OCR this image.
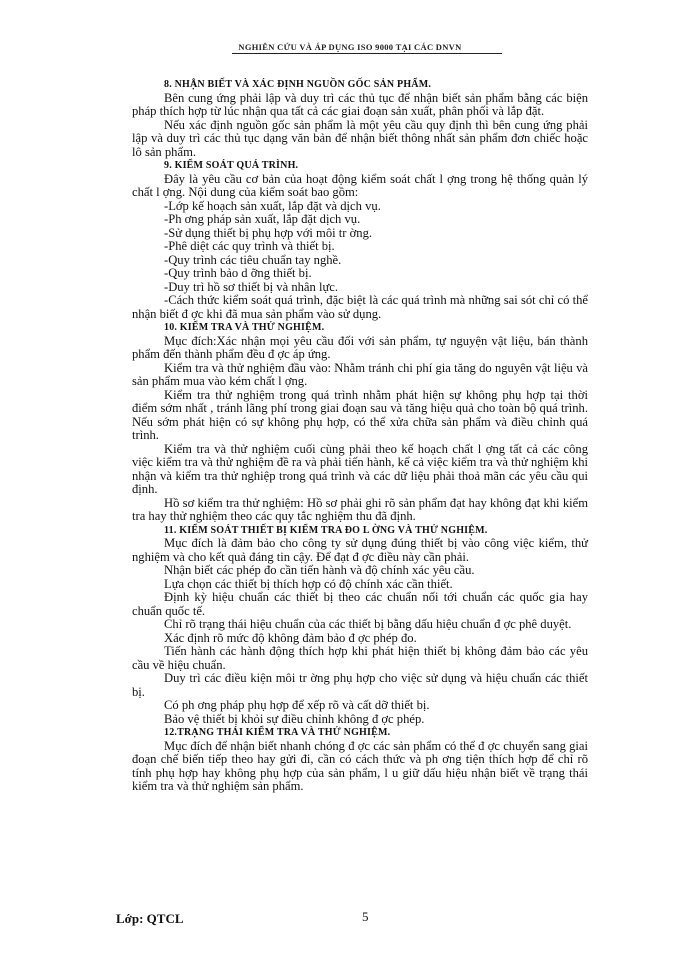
NGHIÊN CỨU VÀ ÁP DỤNG ISO 9000 TẠI CÁC DNVN

8. NHẬN BIẾT VÀ XÁC ĐỊNH NGUỒN GỐC SẢN PHẨM.

Bên cung ứng phải lập và duy trì các thủ tục để nhận biết sản phẩm bằng các biện pháp thích hợp từ lúc nhận qua tất cả các giai đoạn sản xuất, phân phối và lắp đặt.

Nếu xác định nguồn gốc sản phẩm là một yêu cầu quy định thì bên cung ứng phải lập và duy trì các thủ tục dạng văn bản để nhận biết thông nhất sản phẩm đơn chiếc hoặc lô sản phẩm.

9. KIỂM SOÁT QUÁ TRÌNH.

Đây là yêu cầu cơ bản của hoạt động kiểm soát chất l ợng trong hệ thống quản lý chất l ợng. Nội dung của kiểm soát bao gồm:

-Lớp kế hoạch sản xuất, lắp đặt và dịch vụ.

-Ph ơng pháp sản xuất, lắp đặt dịch vụ.

-Sử dụng thiết bị phụ hợp với môi tr ờng.

-Phê diệt các quy trình và thiết bị.

-Quy trình các tiêu chuẩn tay nghề.

-Quy trình bảo d ỡng thiết bị.

-Duy trì hồ sơ thiết bị và nhân lực.

-Cách thức kiểm soát quá trình, đặc biệt là các quá trình mà những sai sót chỉ có thể nhận biết đ ợc khi đã mua sản phẩm vào sử dụng.

10. KIỂM TRA VÀ THỬ NGHIỆM.

Mục đích:Xác nhận mọi yêu cầu đối với sản phẩm, tự nguyện vật liệu, bán thành phẩm đến thành phẩm đều đ ợc áp ứng.

Kiểm tra và thử nghiệm đầu vào: Nhằm tránh chi phí gia tăng do nguyên vật liệu và sản phẩm mua vào kém chất l ợng.

Kiểm tra thử nghiệm trong quá trình nhằm phát hiện sự không phụ hợp tại thời điểm sớm nhất , tránh lãng phí trong giai đoạn sau và tăng hiệu quả cho toàn bộ quá trình. Nếu sớm phát hiện có sự không phụ hợp, có thể xửa chữa sản phẩm và điều chỉnh quá trình.

Kiểm tra và thử nghiệm cuối cùng phải theo kế hoạch chất l ợng tất cả các công việc kiểm tra và thử nghiệm đề ra và phải tiến hành, kể cả việc kiểm tra và thử nghiệm khi nhận và kiểm tra thử nghiệp trong quá trình và các dữ liệu phải thoả mãn các yêu cầu qui định.

Hồ sơ kiểm tra thử nghiệm: Hồ sơ phải ghi rõ sản phẩm đạt hay không đạt khi kiểm tra hay thử nghiệm theo các quy tắc nghiệm thu đã định.

11. KIỂM SOÁT THIẾT BỊ KIỂM TRA ĐO L ỜNG VÀ THỬ NGHIỆM.

Mục đích là đảm bảo cho công ty sử dụng đúng thiết bị vào công việc kiểm, thử nghiệm và cho kết quả đáng tin cậy. Để đạt đ ợc điều này cần phải.

Nhận biết các phép đo cần tiến hành và độ chính xác yêu cầu.

Lựa chọn các thiết bị thích hợp có độ chính xác cần thiết.

Định kỳ hiệu chuẩn các thiết bị theo các chuẩn nối tới chuẩn các quốc gia hay chuẩn quốc tế.

Chỉ rõ trạng thái hiệu chuẩn của các thiết bị bằng dấu hiệu chuẩn đ ợc phê duyệt.

Xác định rõ mức độ không đảm bảo đ ợc phép đo.

Tiến hành các hành động thích hợp khi phát hiện thiết bị không đảm bảo các yêu cầu về hiệu chuẩn.

Duy trì các điều kiện môi tr ờng phụ hợp cho việc sử dụng và hiệu chuẩn các thiết bị.

Có ph ơng pháp phụ hợp để xếp rõ và cất dỡ thiết bị.

Bảo vệ thiết bị khỏi sự điều chỉnh không đ ợc phép.

12.TRẠNG THÁI KIỂM TRA VÀ THỬ NGHIỆM.

Mục đích để nhận biết nhanh chóng đ ợc các sản phẩm có thể đ ợc chuyển sang giai đoạn chế biến tiếp theo hay gửi đi, cần có cách thức và ph ơng tiện thích hợp để chỉ rõ tính phụ hợp hay không phụ hợp của sản phẩm, l u giữ dấu hiệu nhận biết về trạng thái kiểm tra và thử nghiệm sản phẩm.

Lớp: QTCL	5
